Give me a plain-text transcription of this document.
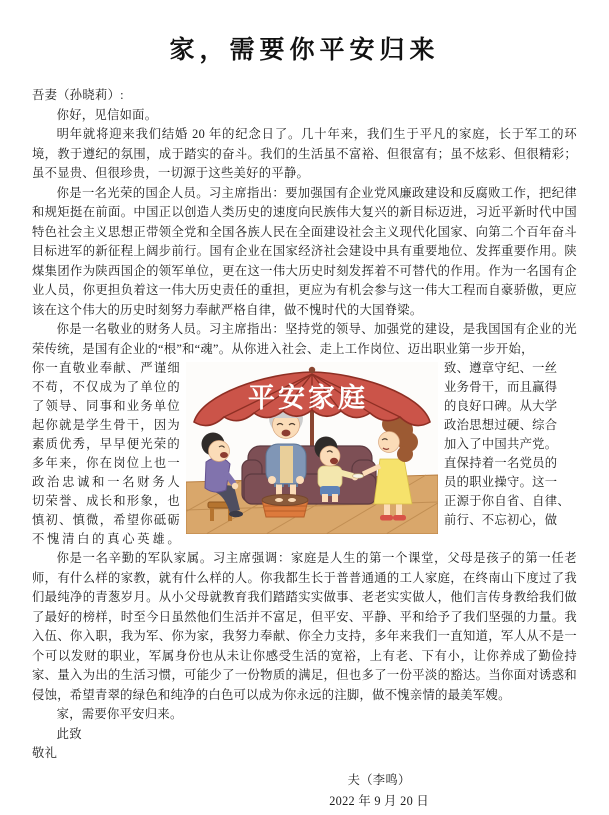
家，需要你平安归来

吾妻（孙晓莉）:

你好，见信如面。

明年就将迎来我们结婚 20 年的纪念日了。几十年来，我们生于平凡的家庭，长于军工的环境，教于遵纪的氛围，成于踏实的奋斗。我们的生活虽不富裕、但很富有；虽不炫彩、但很精彩；虽不显贵、但很珍贵，一切源于这些美好的平静。

你是一名光荣的国企人员。习主席指出：要加强国有企业党风廉政建设和反腐败工作，把纪律和规矩挺在前面。中国正以创造人类历史的速度向民族伟大复兴的新目标迈进，习近平新时代中国特色社会主义思想正带领全党和全国各族人民在全面建设社会主义现代化国家、向第二个百年奋斗目标进军的新征程上阔步前行。国有企业在国家经济社会建设中具有重要地位、发挥重要作用。陕煤集团作为陕西国企的领军单位，更在这一伟大历史时刻发挥着不可替代的作用。作为一名国有企业人员，你更担负着这一伟大历史责任的重担，更应为有机会参与这一伟大工程而自豪骄傲，更应该在这个伟大的历史时刻努力奉献严格自律，做不愧时代的大国脊梁。

你是一名敬业的财务人员。习主席指出：坚持党的领导、加强党的建设，是我国国有企业的光荣传统，是国有企业的“根”和“魂”。从你进入社会、走上工作岗位、迈出职业第一步开始，

你一直敬业奉献、严谨细
不苟，不仅成为了单位的
了领导、同事和业务单位
起你就是学生骨干，因为
素质优秀，早早便光荣的
多年来，你在岗位上也一
政治忠诚和一名财务人
切荣誉、成长和形象，也
慎初、慎微，希望你砥砺
不愧清白的真心英雄。
平安家庭
致、遵章守纪、一丝
业务骨干，而且赢得
的良好口碑。从大学
政治思想过硬、综合
加入了中国共产党。
直保持着一名党员的
员的职业操守。这一
正源于你自省、自律、
前行、不忘初心，做

你是一名辛勤的军队家属。习主席强调：家庭是人生的第一个课堂，父母是孩子的第一任老师，有什么样的家教，就有什么样的人。你我都生长于普普通通的工人家庭，在终南山下度过了我们最纯净的青葱岁月。从小父母就教育我们踏踏实实做事、老老实实做人，他们言传身教给我们做了最好的榜样，时至今日虽然他们生活并不富足，但平安、平静、平和给予了我们坚强的力量。我入伍、你入职，我为军、你为家，我努力奉献、你全力支持，多年来我们一直知道，军人从不是一个可以发财的职业，军属身份也从未让你感受生活的宽裕，上有老、下有小，让你养成了勤俭持家、量入为出的生活习惯，可能少了一份物质的满足，但也多了一份平淡的豁达。当你面对诱惑和侵蚀，希望青翠的绿色和纯净的白色可以成为你永远的注脚，做不愧亲情的最美军嫂。

家，需要你平安归来。

此致

敬礼

夫（李鸣）
2022 年 9 月 20 日
